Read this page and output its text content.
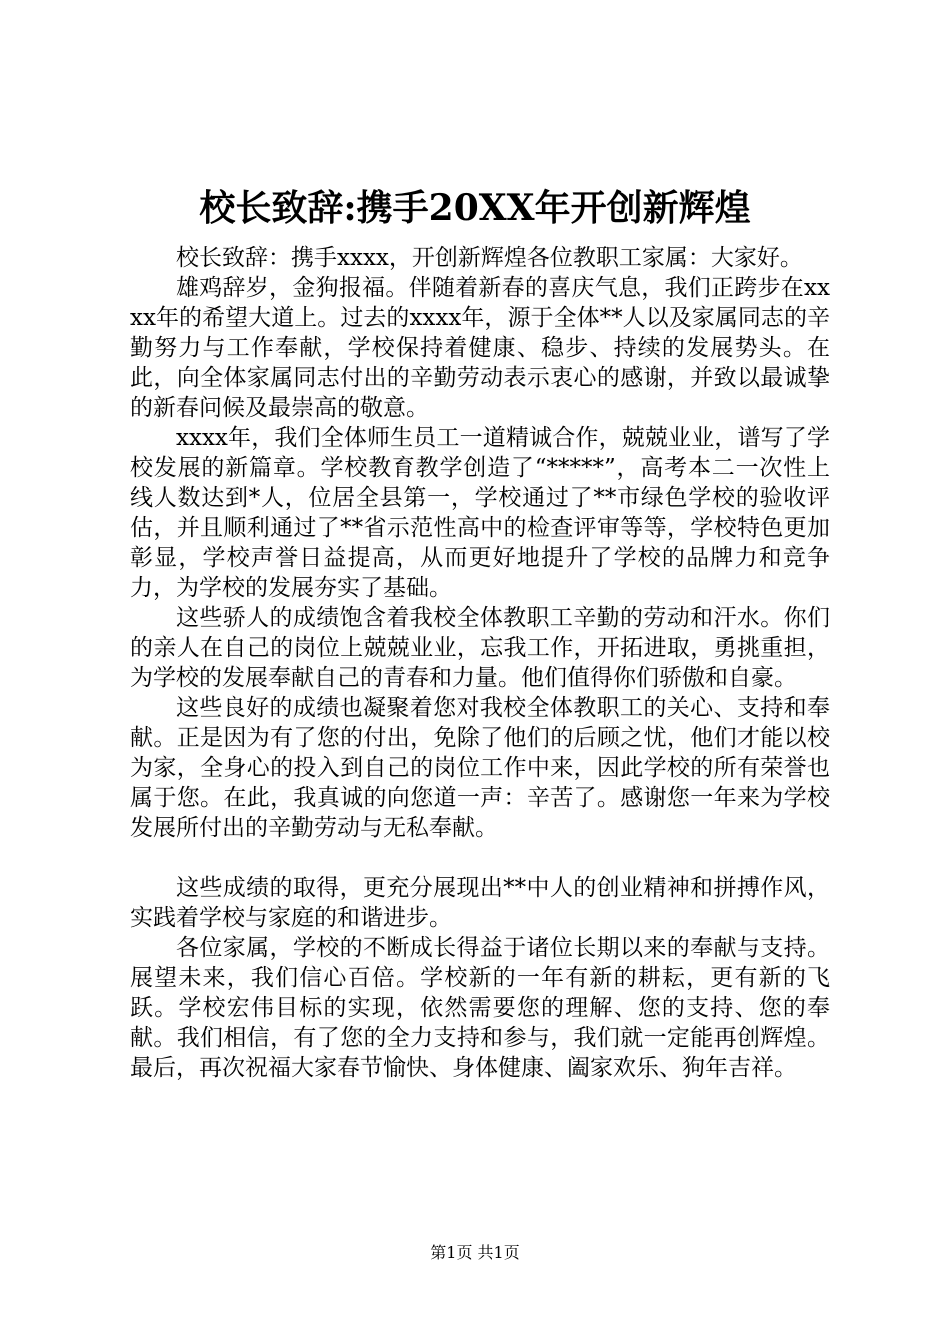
校长致辞:携手20XX年开创新辉煌

校长致辞：携手xxxx，开创新辉煌各位教职工家属：大家好。

雄鸡辞岁，金狗报福。伴随着新春的喜庆气息，我们正跨步在xxxx年的希望大道上。过去的xxxx年，源于全体**人以及家属同志的辛勤努力与工作奉献，学校保持着健康、稳步、持续的发展势头。在此，向全体家属同志付出的辛勤劳动表示衷心的感谢，并致以最诚挚的新春问候及最崇高的敬意。

xxxx年，我们全体师生员工一道精诚合作，兢兢业业，谱写了学校发展的新篇章。学校教育教学创造了“*****”，高考本二一次性上线人数达到*人，位居全县第一，学校通过了**市绿色学校的验收评估，并且顺利通过了**省示范性高中的检查评审等等，学校特色更加彰显，学校声誉日益提高，从而更好地提升了学校的品牌力和竞争力，为学校的发展夯实了基础。

这些骄人的成绩饱含着我校全体教职工辛勤的劳动和汗水。你们的亲人在自己的岗位上兢兢业业，忘我工作，开拓进取，勇挑重担，为学校的发展奉献自己的青春和力量。他们值得你们骄傲和自豪。

这些良好的成绩也凝聚着您对我校全体教职工的关心、支持和奉献。正是因为有了您的付出，免除了他们的后顾之忧，他们才能以校为家，全身心的投入到自己的岗位工作中来，因此学校的所有荣誉也属于您。在此，我真诚的向您道一声：辛苦了。感谢您一年来为学校发展所付出的辛勤劳动与无私奉献。

这些成绩的取得，更充分展现出**中人的创业精神和拼搏作风，实践着学校与家庭的和谐进步。

各位家属，学校的不断成长得益于诸位长期以来的奉献与支持。展望未来，我们信心百倍。学校新的一年有新的耕耘，更有新的飞跃。学校宏伟目标的实现，依然需要您的理解、您的支持、您的奉献。我们相信，有了您的全力支持和参与，我们就一定能再创辉煌。最后，再次祝福大家春节愉快、身体健康、阖家欢乐、狗年吉祥。

第1页 共1页
